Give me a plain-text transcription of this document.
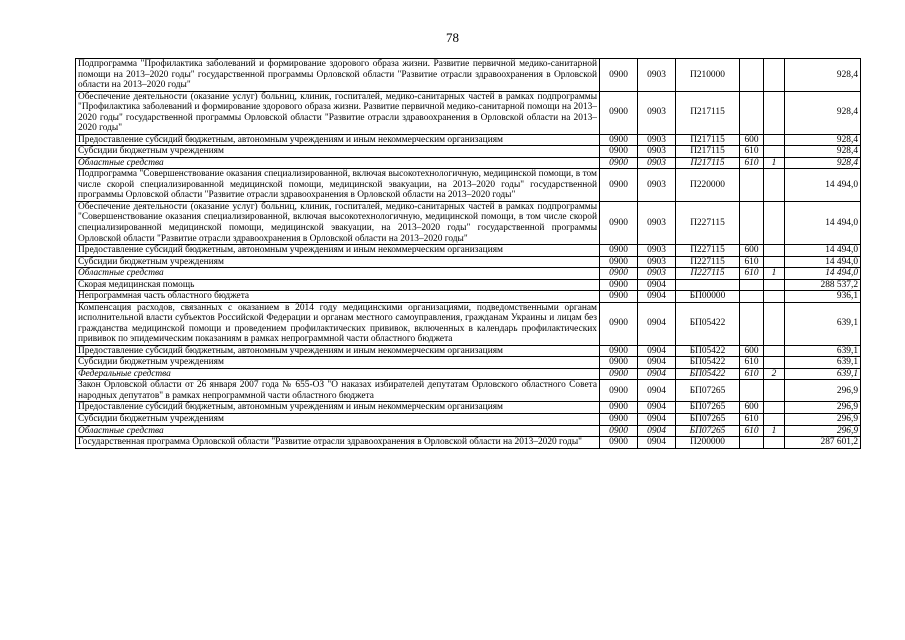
78
Подпрограмма "Профилактика заболеваний и формирование здорового образа жизни. Развитие первичной медико-санитарной помощи на 2013–2020 годы" государственной программы Орловской области "Развитие отрасли здравоохранения в Орловской области на 2013–2020 годы"	0900	0903	П210000			928,4
Обеспечение деятельности (оказание услуг) больниц, клиник, госпиталей, медико-санитарных частей в рамках подпрограммы "Профилактика заболеваний и формирование здорового образа жизни. Развитие первичной медико-санитарной помощи на 2013–2020 годы" государственной программы Орловской области "Развитие отрасли здравоохранения в Орловской области на 2013–2020 годы"	0900	0903	П217115			928,4
Предоставление субсидий бюджетным, автономным учреждениям и иным некоммерческим организациям	0900	0903	П217115	600		928,4
Субсидии бюджетным учреждениям	0900	0903	П217115	610		928,4
Областные средства	0900	0903	П217115	610	1	928,4
Подпрограмма "Совершенствование оказания специализированной, включая высокотехнологичную, медицинской помощи, в том числе скорой специализированной медицинской помощи, медицинской эвакуации, на 2013–2020 годы" государственной программы Орловской области "Развитие отрасли здравоохранения в Орловской области на 2013–2020 годы"	0900	0903	П220000			14 494,0
Обеспечение деятельности (оказание услуг) больниц, клиник, госпиталей, медико-санитарных частей в рамках подпрограммы "Совершенствование оказания специализированной, включая высокотехнологичную, медицинской помощи, в том числе скорой специализированной медицинской помощи, медицинской эвакуации, на 2013–2020 годы" государственной программы Орловской области "Развитие отрасли здравоохранения в Орловской области на 2013–2020 годы"	0900	0903	П227115			14 494,0
Предоставление субсидий бюджетным, автономным учреждениям и иным некоммерческим организациям	0900	0903	П227115	600		14 494,0
Субсидии бюджетным учреждениям	0900	0903	П227115	610		14 494,0
Областные средства	0900	0903	П227115	610	1	14 494,0
Скорая медицинская помощь	0900	0904				288 537,2
Непрограммная часть областного бюджета	0900	0904	БП00000			936,1
Компенсация расходов, связанных с оказанием в 2014 году медицинскими организациями, подведомственными органам исполнительной власти субъектов Российской Федерации и органам местного самоуправления, гражданам Украины и лицам без гражданства медицинской помощи и проведением профилактических прививок, включенных в календарь профилактических прививок по эпидемическим показаниям в рамках непрограммной части областного бюджета	0900	0904	БП05422			639,1
Предоставление субсидий бюджетным, автономным учреждениям и иным некоммерческим организациям	0900	0904	БП05422	600		639,1
Субсидии бюджетным учреждениям	0900	0904	БП05422	610		639,1
Федеральные средства	0900	0904	БП05422	610	2	639,1
Закон Орловской области от 26 января 2007 года № 655-ОЗ "О наказах избирателей депутатам Орловского областного Совета народных депутатов" в рамках непрограммной части областного бюджета	0900	0904	БП07265			296,9
Предоставление субсидий бюджетным, автономным учреждениям и иным некоммерческим организациям	0900	0904	БП07265	600		296,9
Субсидии бюджетным учреждениям	0900	0904	БП07265	610		296,9
Областные средства	0900	0904	БП07265	610	1	296,9
Государственная программа Орловской области "Развитие отрасли здравоохранения в Орловской области на 2013–2020 годы"	0900	0904	П200000			287 601,2
